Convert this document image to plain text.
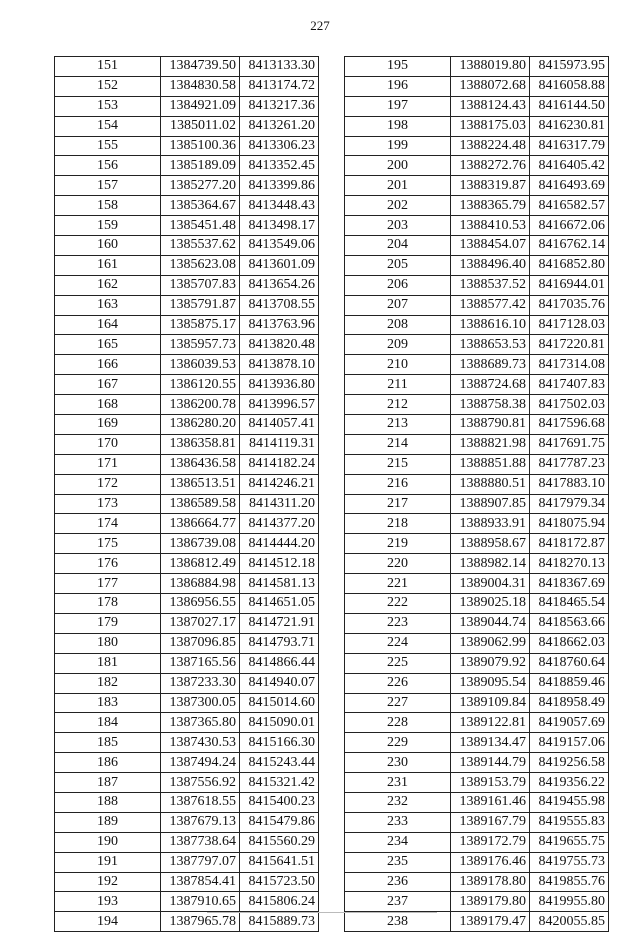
227
151	1384739.50	8413133.30
152	1384830.58	8413174.72
153	1384921.09	8413217.36
154	1385011.02	8413261.20
155	1385100.36	8413306.23
156	1385189.09	8413352.45
157	1385277.20	8413399.86
158	1385364.67	8413448.43
159	1385451.48	8413498.17
160	1385537.62	8413549.06
161	1385623.08	8413601.09
162	1385707.83	8413654.26
163	1385791.87	8413708.55
164	1385875.17	8413763.96
165	1385957.73	8413820.48
166	1386039.53	8413878.10
167	1386120.55	8413936.80
168	1386200.78	8413996.57
169	1386280.20	8414057.41
170	1386358.81	8414119.31
171	1386436.58	8414182.24
172	1386513.51	8414246.21
173	1386589.58	8414311.20
174	1386664.77	8414377.20
175	1386739.08	8414444.20
176	1386812.49	8414512.18
177	1386884.98	8414581.13
178	1386956.55	8414651.05
179	1387027.17	8414721.91
180	1387096.85	8414793.71
181	1387165.56	8414866.44
182	1387233.30	8414940.07
183	1387300.05	8415014.60
184	1387365.80	8415090.01
185	1387430.53	8415166.30
186	1387494.24	8415243.44
187	1387556.92	8415321.42
188	1387618.55	8415400.23
189	1387679.13	8415479.86
190	1387738.64	8415560.29
191	1387797.07	8415641.51
192	1387854.41	8415723.50
193	1387910.65	8415806.24
194	1387965.78	8415889.73
195	1388019.80	8415973.95
196	1388072.68	8416058.88
197	1388124.43	8416144.50
198	1388175.03	8416230.81
199	1388224.48	8416317.79
200	1388272.76	8416405.42
201	1388319.87	8416493.69
202	1388365.79	8416582.57
203	1388410.53	8416672.06
204	1388454.07	8416762.14
205	1388496.40	8416852.80
206	1388537.52	8416944.01
207	1388577.42	8417035.76
208	1388616.10	8417128.03
209	1388653.53	8417220.81
210	1388689.73	8417314.08
211	1388724.68	8417407.83
212	1388758.38	8417502.03
213	1388790.81	8417596.68
214	1388821.98	8417691.75
215	1388851.88	8417787.23
216	1388880.51	8417883.10
217	1388907.85	8417979.34
218	1388933.91	8418075.94
219	1388958.67	8418172.87
220	1388982.14	8418270.13
221	1389004.31	8418367.69
222	1389025.18	8418465.54
223	1389044.74	8418563.66
224	1389062.99	8418662.03
225	1389079.92	8418760.64
226	1389095.54	8418859.46
227	1389109.84	8418958.49
228	1389122.81	8419057.69
229	1389134.47	8419157.06
230	1389144.79	8419256.58
231	1389153.79	8419356.22
232	1389161.46	8419455.98
233	1389167.79	8419555.83
234	1389172.79	8419655.75
235	1389176.46	8419755.73
236	1389178.80	8419855.76
237	1389179.80	8419955.80
238	1389179.47	8420055.85
